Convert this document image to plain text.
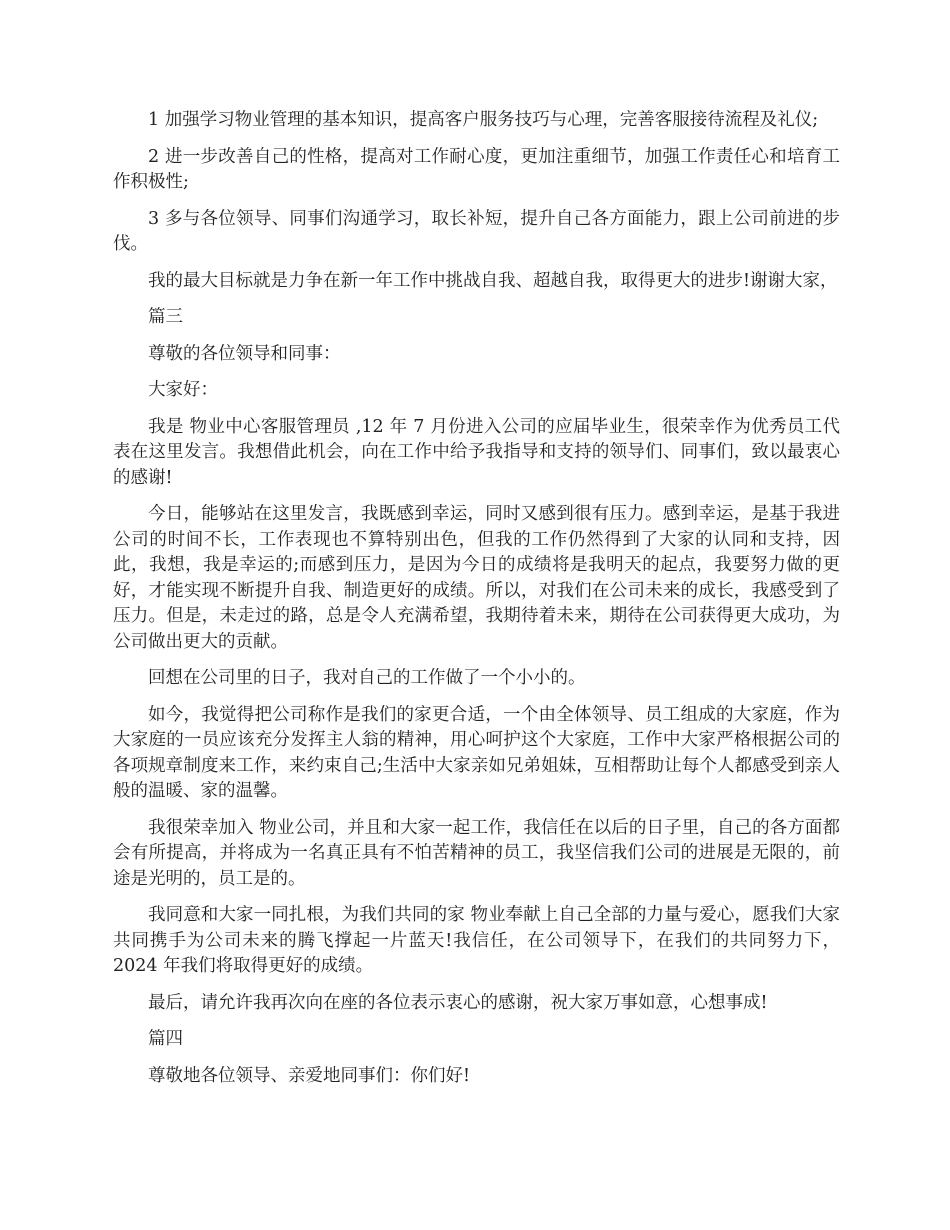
1 加强学习物业管理的基本知识，提高客户服务技巧与心理，完善客服接待流程及礼仪;

2 进一步改善自己的性格，提高对工作耐心度，更加注重细节，加强工作责任心和培育工作积极性;

3 多与各位领导、同事们沟通学习，取长补短，提升自己各方面能力，跟上公司前进的步伐。

我的最大目标就是力争在新一年工作中挑战自我、超越自我，取得更大的进步!谢谢大家，

篇三

尊敬的各位领导和同事：

大家好：

我是 物业中心客服管理员 ,12 年 7 月份进入公司的应届毕业生，很荣幸作为优秀员工代表在这里发言。我想借此机会，向在工作中给予我指导和支持的领导们、同事们，致以最衷心的感谢!

今日，能够站在这里发言，我既感到幸运，同时又感到很有压力。感到幸运，是基于我进公司的时间不长，工作表现也不算特别出色，但我的工作仍然得到了大家的认同和支持，因此，我想，我是幸运的;而感到压力，是因为今日的成绩将是我明天的起点，我要努力做的更好，才能实现不断提升自我、制造更好的成绩。所以，对我们在公司未来的成长，我感受到了压力。但是，未走过的路，总是令人充满希望，我期待着未来，期待在公司获得更大成功，为公司做出更大的贡献。

回想在公司里的日子，我对自己的工作做了一个小小的。

如今，我觉得把公司称作是我们的家更合适，一个由全体领导、员工组成的大家庭，作为大家庭的一员应该充分发挥主人翁的精神，用心呵护这个大家庭，工作中大家严格根据公司的各项规章制度来工作，来约束自己;生活中大家亲如兄弟姐妹，互相帮助让每个人都感受到亲人般的温暖、家的温馨。

我很荣幸加入 物业公司，并且和大家一起工作，我信任在以后的日子里，自己的各方面都会有所提高，并将成为一名真正具有不怕苦精神的员工，我坚信我们公司的进展是无限的，前途是光明的，员工是的。

我同意和大家一同扎根，为我们共同的家 物业奉献上自己全部的力量与爱心，愿我们大家共同携手为公司未来的腾飞撑起一片蓝天!我信任，在公司领导下，在我们的共同努力下，2024 年我们将取得更好的成绩。

最后，请允许我再次向在座的各位表示衷心的感谢，祝大家万事如意，心想事成!

篇四

尊敬地各位领导、亲爱地同事们：你们好!
